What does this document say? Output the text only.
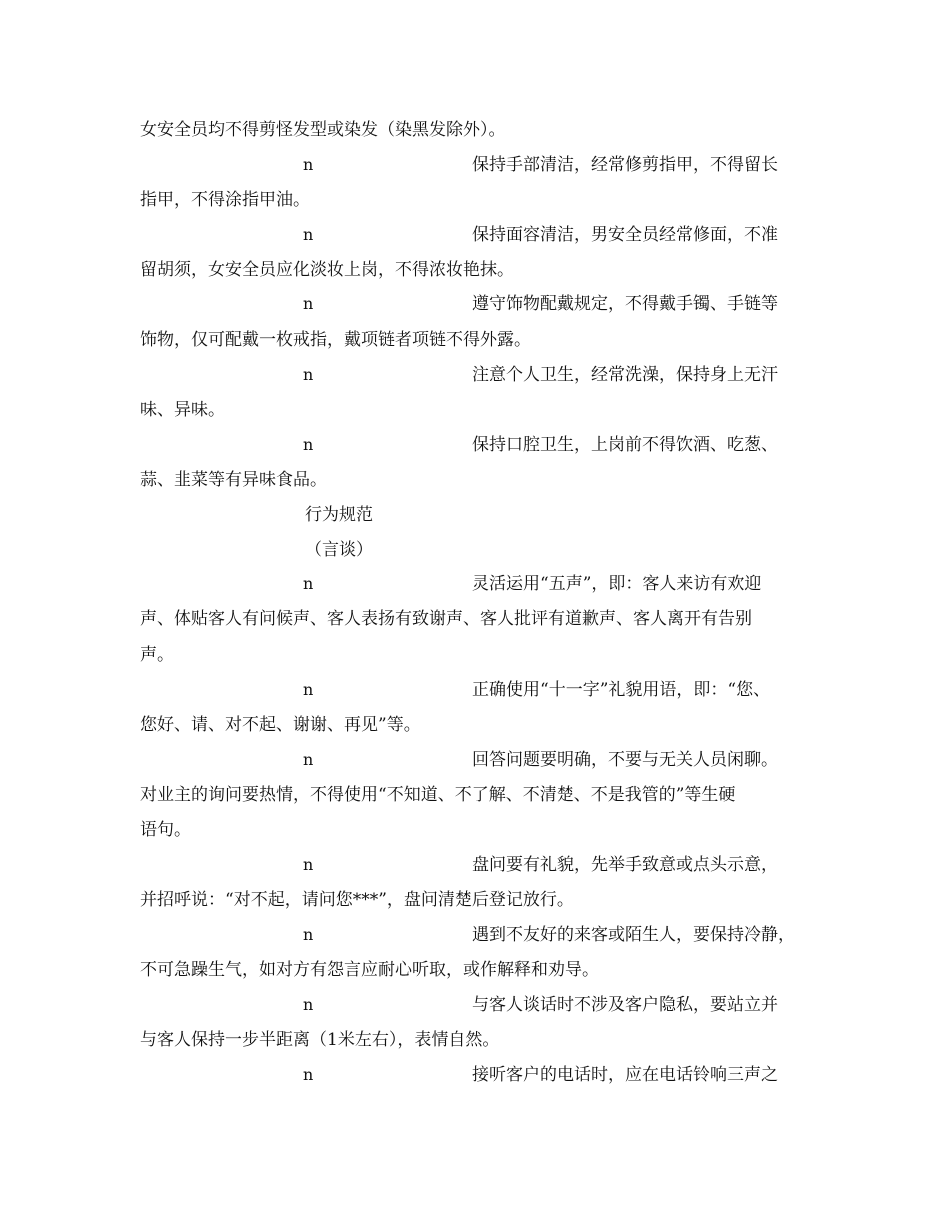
女安全员均不得剪怪发型或染发（染黑发除外）。
n	保持手部清洁，经常修剪指甲，不得留长
指甲，不得涂指甲油。
n	保持面容清洁，男安全员经常修面，不准
留胡须，女安全员应化淡妆上岗，不得浓妆艳抹。
n	遵守饰物配戴规定，不得戴手镯、手链等
饰物，仅可配戴一枚戒指，戴项链者项链不得外露。
n	注意个人卫生，经常洗澡，保持身上无汗
味、异味。
n	保持口腔卫生，上岗前不得饮酒、吃葱、
蒜、韭菜等有异味食品。
行为规范
（言谈）
n	灵活运用“五声”，即：客人来访有欢迎
声、体贴客人有问候声、客人表扬有致谢声、客人批评有道歉声、客人离开有告别
声。
n	正确使用“十一字”礼貌用语，即：“您、
您好、请、对不起、谢谢、再见”等。
n	回答问题要明确，不要与无关人员闲聊。
对业主的询问要热情，不得使用“不知道、不了解、不清楚、不是我管的”等生硬
语句。
n	盘问要有礼貌，先举手致意或点头示意，
并招呼说：“对不起，请问您***”，盘问清楚后登记放行。
n	遇到不友好的来客或陌生人，要保持冷静，
不可急躁生气，如对方有怨言应耐心听取，或作解释和劝导。
n	与客人谈话时不涉及客户隐私，要站立并
与客人保持一步半距离（1米左右），表情自然。
n	接听客户的电话时，应在电话铃响三声之
